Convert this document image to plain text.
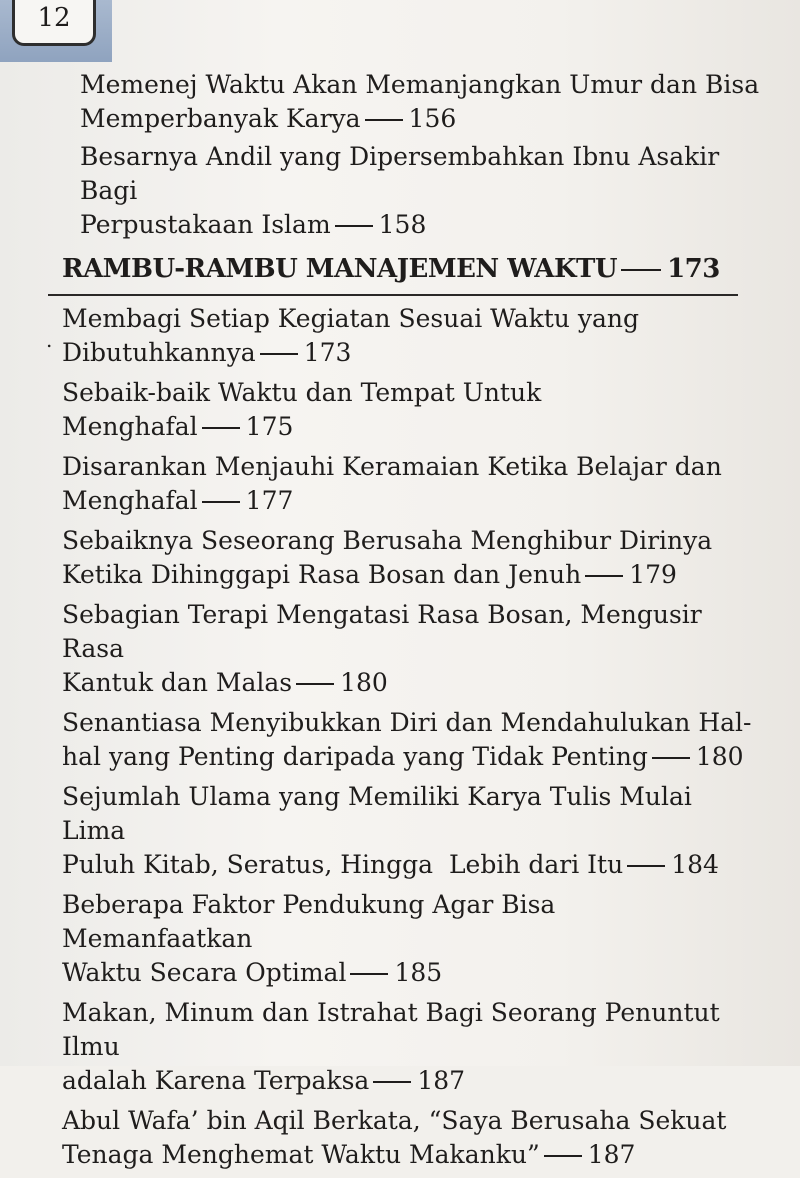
12
Memenej Waktu Akan Memanjangkan Umur dan Bisa
Memperbanyak Karya 156
Besarnya Andil yang Dipersembahkan Ibnu Asakir Bagi
Perpustakaan Islam 158
RAMBU-RAMBU MANAJEMEN WAKTU 173
.
Membagi Setiap Kegiatan Sesuai Waktu yang
Dibutuhkannya 173
Sebaik-baik Waktu dan Tempat Untuk
Menghafal 175
Disarankan Menjauhi Keramaian Ketika Belajar dan
Menghafal 177
Sebaiknya Seseorang Berusaha Menghibur Dirinya
Ketika Dihinggapi Rasa Bosan dan Jenuh 179
Sebagian Terapi Mengatasi Rasa Bosan, Mengusir Rasa
Kantuk dan Malas 180
Senantiasa Menyibukkan Diri dan Mendahulukan Hal-
hal yang Penting daripada yang Tidak Penting 180
Sejumlah Ulama yang Memiliki Karya Tulis Mulai Lima
Puluh Kitab, Seratus, Hingga  Lebih dari Itu 184
Beberapa Faktor Pendukung Agar Bisa Memanfaatkan
Waktu Secara Optimal 185
Makan, Minum dan Istrahat Bagi Seorang Penuntut Ilmu
adalah Karena Terpaksa 187
Abul Wafa’ bin Aqil Berkata, “Saya Berusaha Sekuat
Tenaga Menghemat Waktu Makanku” 187
